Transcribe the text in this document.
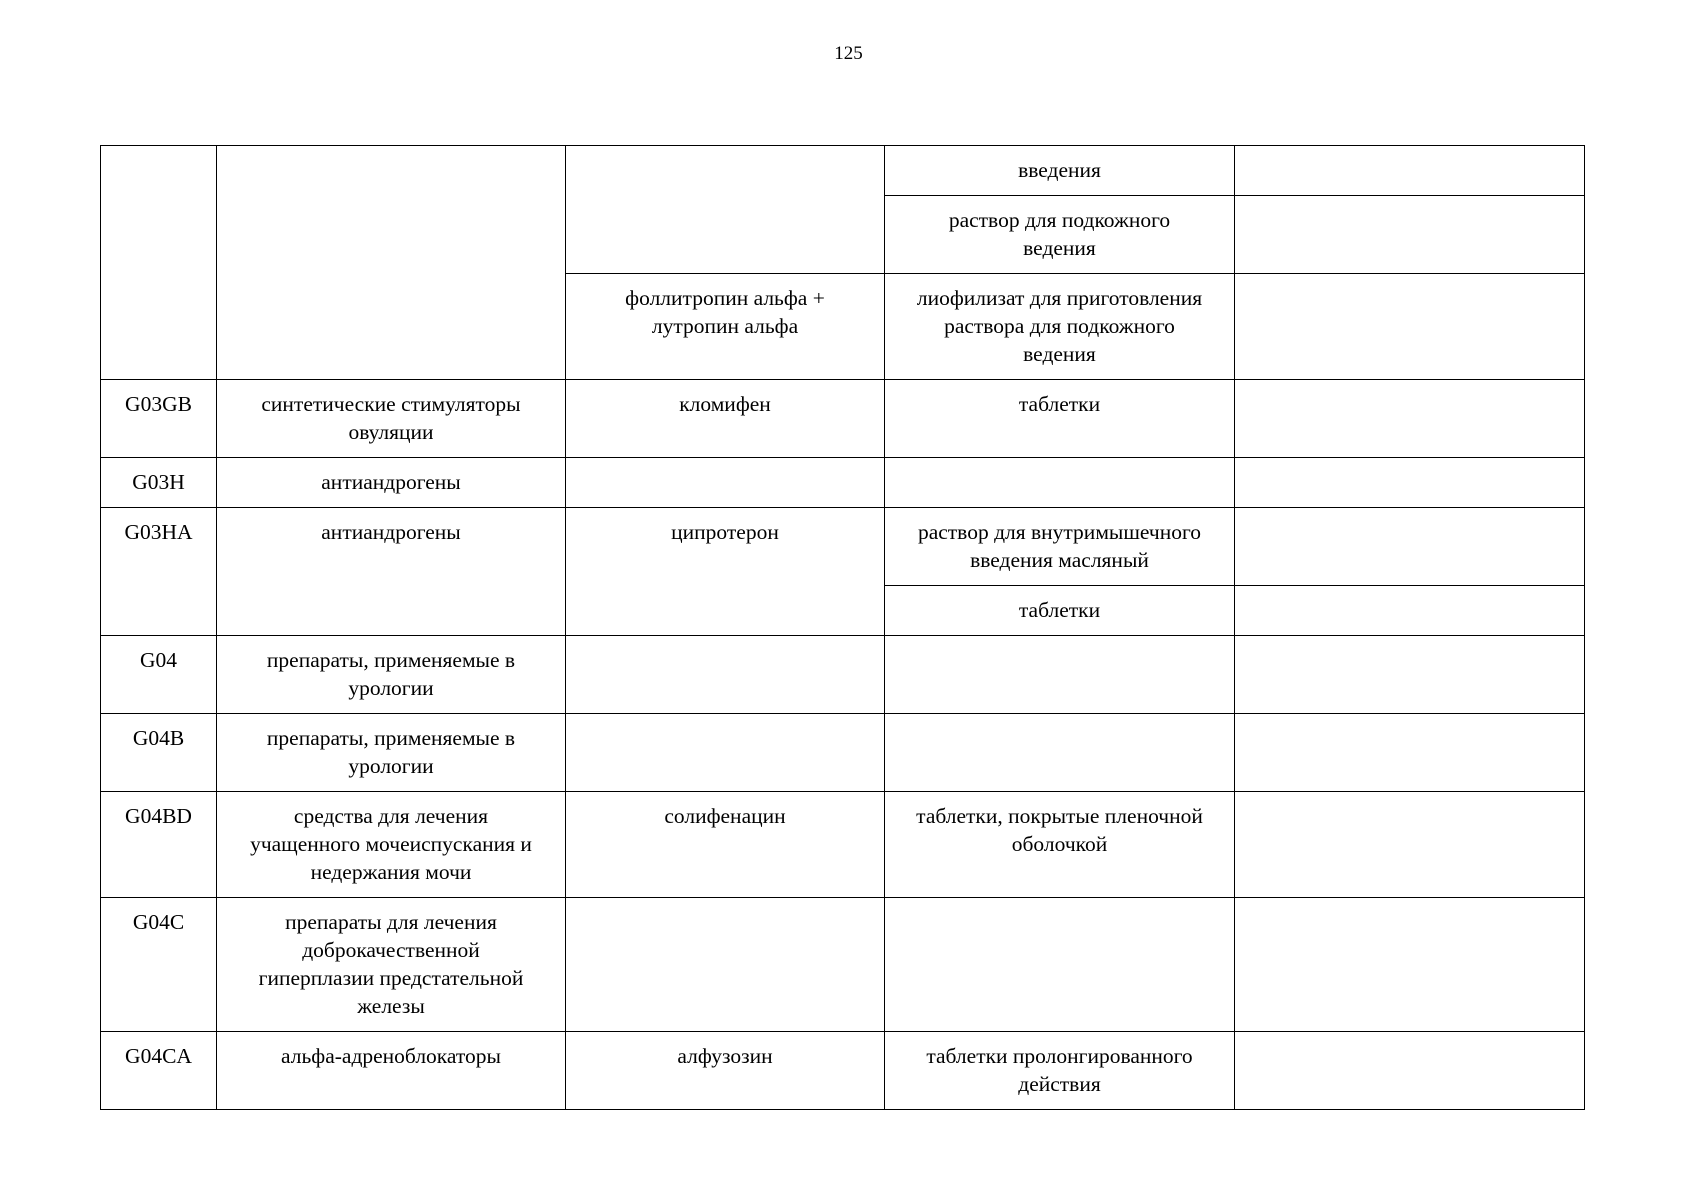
125
			введения	
			раствор для подкожного
ведения	
		фоллитропин альфа +
лутропин альфа	лиофилизат для приготовления
раствора для подкожного
ведения	
G03GB	синтетические стимуляторы
овуляции	кломифен	таблетки	
G03H	антиандрогены			
G03HA	антиандрогены	ципротерон	раствор для внутримышечного
введения масляный	
			таблетки	
G04	препараты, применяемые в
урологии			
G04B	препараты, применяемые в
урологии			
G04BD	средства для лечения
учащенного мочеиспускания и
недержания мочи	солифенацин	таблетки, покрытые пленочной
оболочкой	
G04C	препараты для лечения
доброкачественной
гиперплазии предстательной
железы			
G04CA	альфа-адреноблокаторы	алфузозин	таблетки пролонгированного
действия	
